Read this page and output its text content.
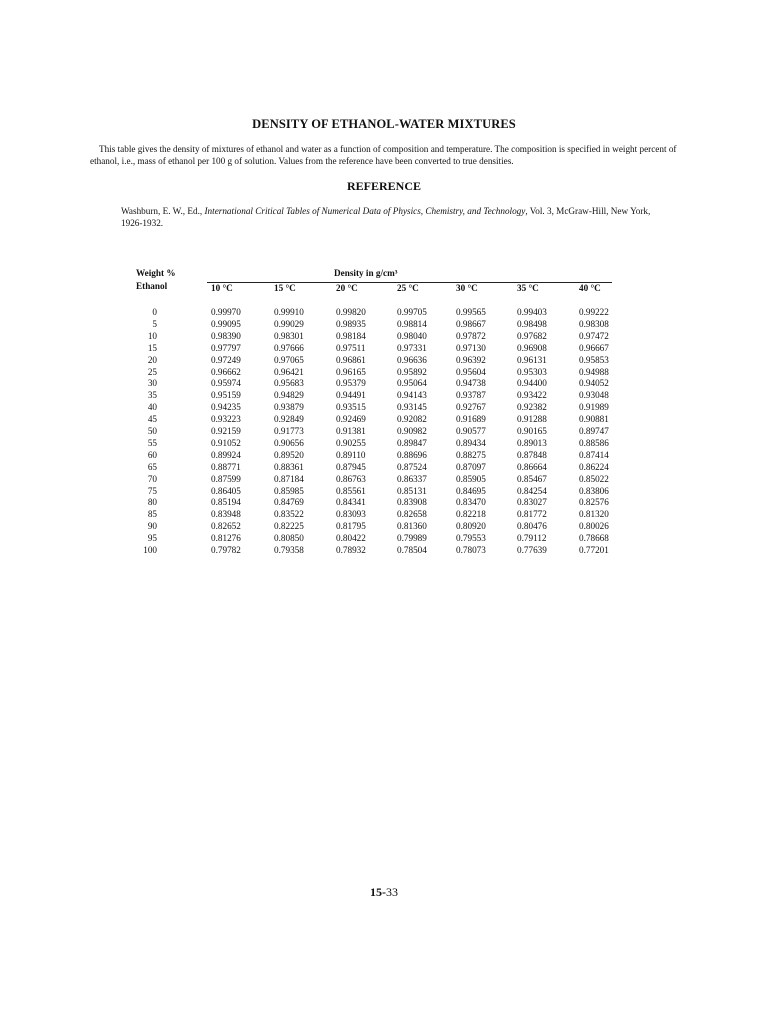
DENSITY OF ETHANOL-WATER MIXTURES

This table gives the density of mixtures of ethanol and water as a function of composition and temperature. The composition is specified in weight percent of ethanol, i.e., mass of ethanol per 100 g of solution. Values from the reference have been converted to true densities.

REFERENCE

Washburn, E. W., Ed., International Critical Tables of Numerical Data of Physics, Chemistry, and Technology, Vol. 3, McGraw-Hill, New York, 1926-1932.

Weight %
Ethanol
Density in g/cm³
10 °C	15 °C	20 °C	25 °C	30 °C	35 °C	40 °C
0	0.99970	0.99910	0.99820	0.99705	0.99565	0.99403	0.99222
5	0.99095	0.99029	0.98935	0.98814	0.98667	0.98498	0.98308
10	0.98390	0.98301	0.98184	0.98040	0.97872	0.97682	0.97472
15	0.97797	0.97666	0.97511	0.97331	0.97130	0.96908	0.96667
20	0.97249	0.97065	0.96861	0.96636	0.96392	0.96131	0.95853
25	0.96662	0.96421	0.96165	0.95892	0.95604	0.95303	0.94988
30	0.95974	0.95683	0.95379	0.95064	0.94738	0.94400	0.94052
35	0.95159	0.94829	0.94491	0.94143	0.93787	0.93422	0.93048
40	0.94235	0.93879	0.93515	0.93145	0.92767	0.92382	0.91989
45	0.93223	0.92849	0.92469	0.92082	0.91689	0.91288	0.90881
50	0.92159	0.91773	0.91381	0.90982	0.90577	0.90165	0.89747
55	0.91052	0.90656	0.90255	0.89847	0.89434	0.89013	0.88586
60	0.89924	0.89520	0.89110	0.88696	0.88275	0.87848	0.87414
65	0.88771	0.88361	0.87945	0.87524	0.87097	0.86664	0.86224
70	0.87599	0.87184	0.86763	0.86337	0.85905	0.85467	0.85022
75	0.86405	0.85985	0.85561	0.85131	0.84695	0.84254	0.83806
80	0.85194	0.84769	0.84341	0.83908	0.83470	0.83027	0.82576
85	0.83948	0.83522	0.83093	0.82658	0.82218	0.81772	0.81320
90	0.82652	0.82225	0.81795	0.81360	0.80920	0.80476	0.80026
95	0.81276	0.80850	0.80422	0.79989	0.79553	0.79112	0.78668
100	0.79782	0.79358	0.78932	0.78504	0.78073	0.77639	0.77201
15-33
